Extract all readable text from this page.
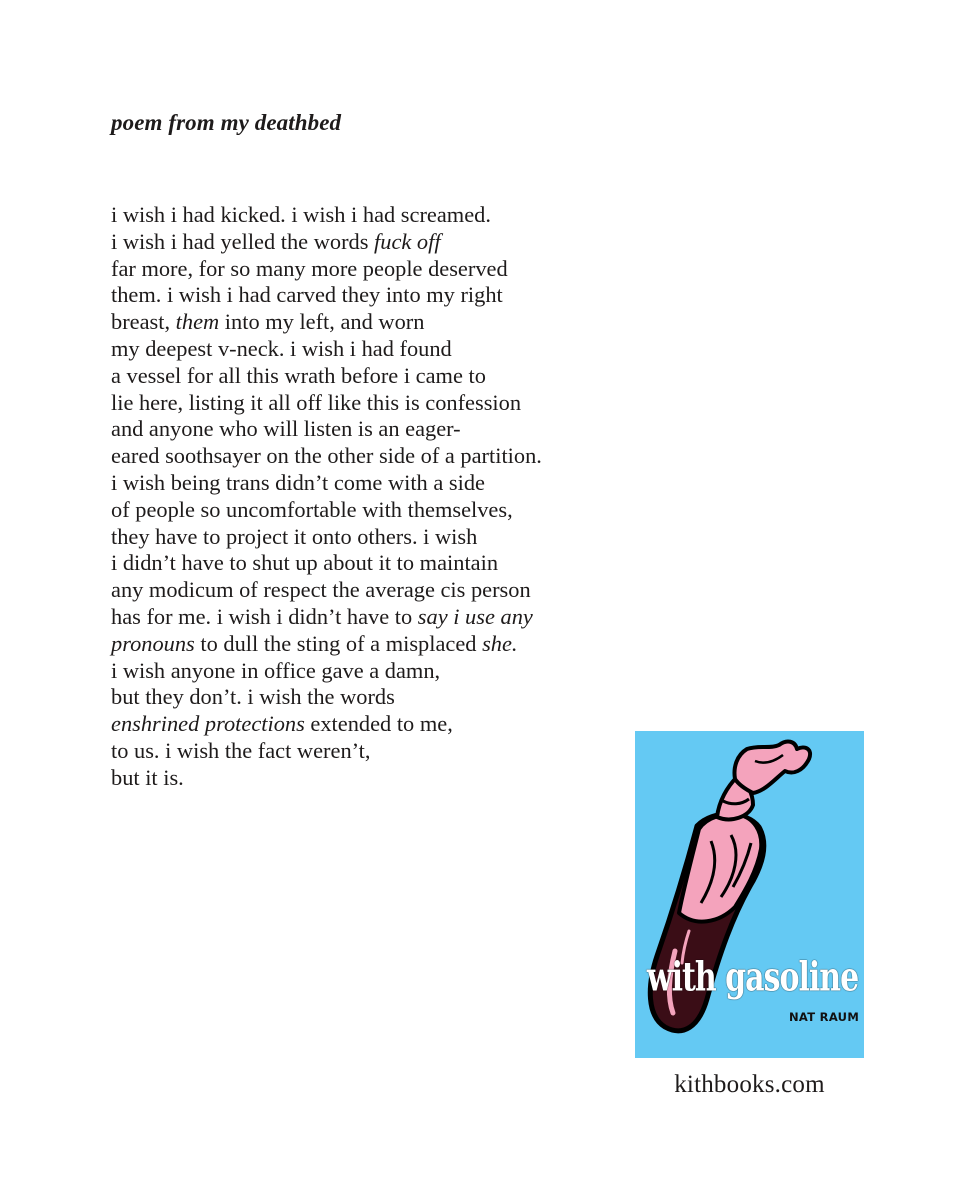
poem from my deathbed
i wish i had kicked. i wish i had screamed.
i wish i had yelled the words fuck off
far more, for so many more people deserved
them. i wish i had carved they into my right
breast, them into my left, and worn
my deepest v-neck. i wish i had found
a vessel for all this wrath before i came to
lie here, listing it all off like this is confession
and anyone who will listen is an eager-
eared soothsayer on the other side of a partition.
i wish being trans didn’t come with a side
of people so uncomfortable with themselves,
they have to project it onto others. i wish
i didn’t have to shut up about it to maintain
any modicum of respect the average cis person
has for me. i wish i didn’t have to say i use any
pronouns to dull the sting of a misplaced she.
i wish anyone in office gave a damn,
but they don’t. i wish the words
enshrined protections extended to me,
to us. i wish the fact weren’t,
but it is.
with gasoline
NAT RAUM
kithbooks.com
